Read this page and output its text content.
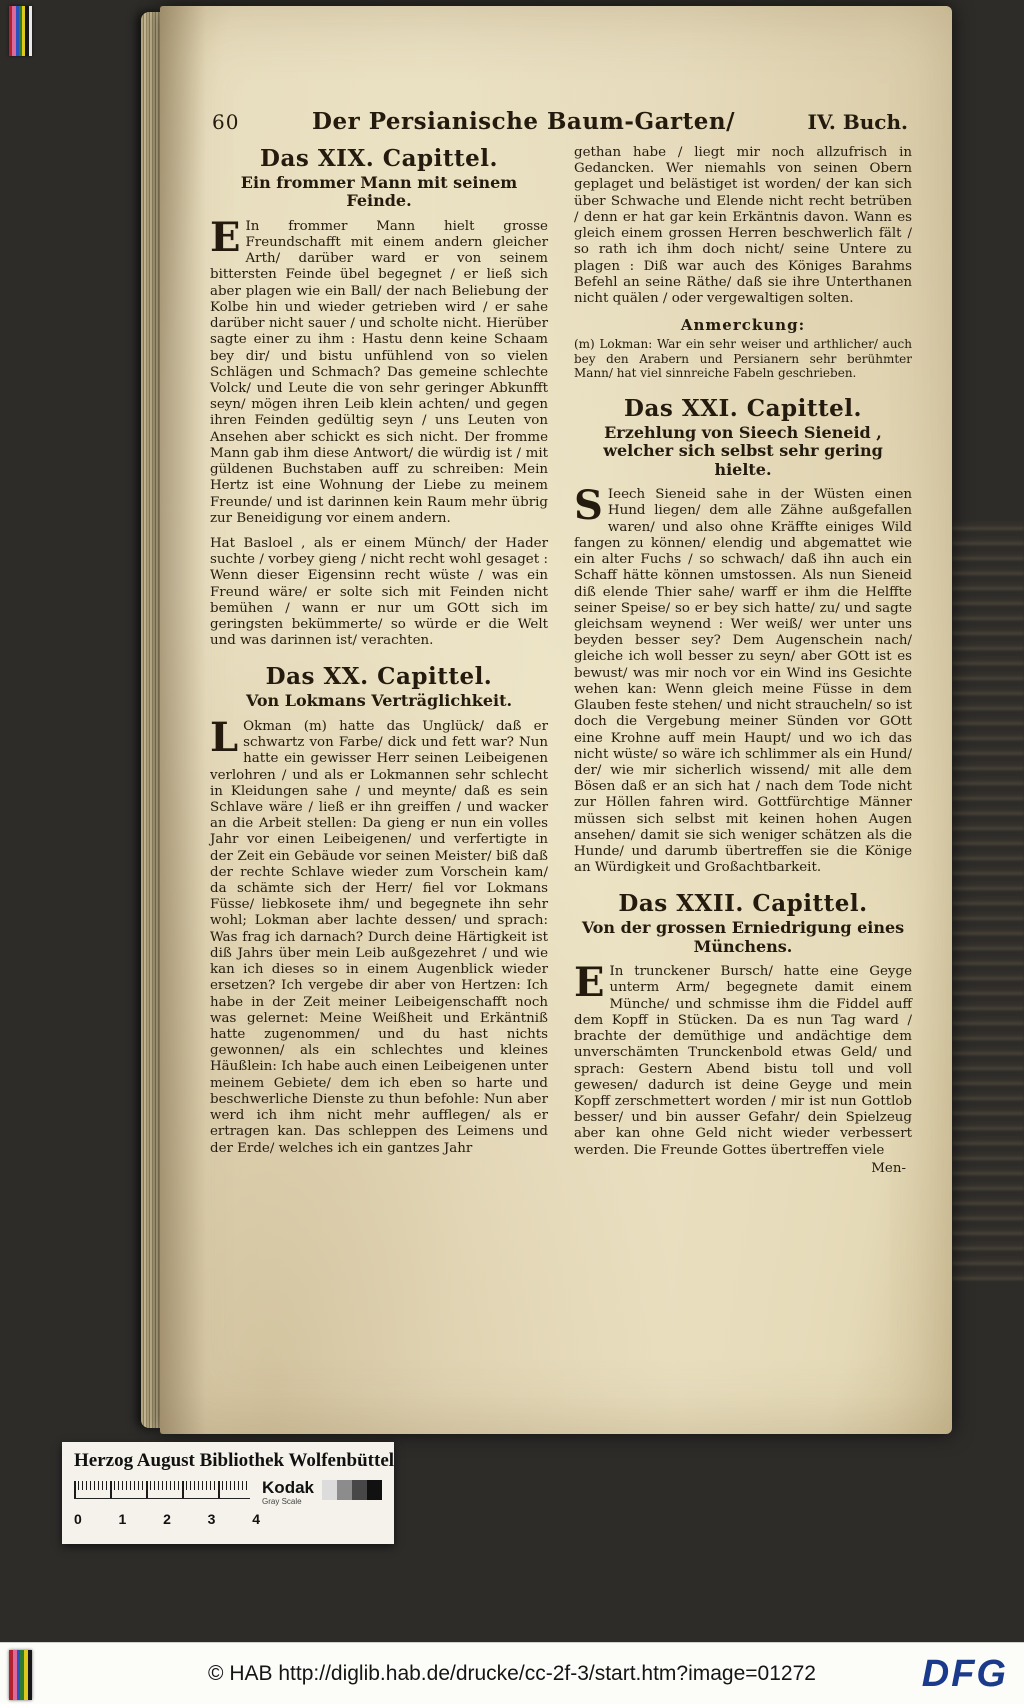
60	Der Persianische Baum-Garten/	IV. Buch.
Das XIX. Capittel.
Ein frommer Mann mit seinem Feinde.

E In frommer Mann hielt grosse Freundschafft mit einem andern gleicher Arth/ darüber ward er von seinem bittersten Feinde übel begegnet / er ließ sich aber plagen wie ein Ball/ der nach Beliebung der Kolbe hin und wieder getrieben wird / er sahe darüber nicht sauer / und scholte nicht. Hierüber sagte einer zu ihm : Hastu denn keine Schaam bey dir/ und bistu unfühlend von so vielen Schlägen und Schmach? Das gemeine schlechte Volck/ und Leute die von sehr geringer Abkunfft seyn/ mögen ihren Leib klein achten/ und gegen ihren Feinden gedültig seyn / uns Leuten von Ansehen aber schickt es sich nicht. Der fromme Mann gab ihm diese Antwort/ die würdig ist / mit güldenen Buchstaben auff zu schreiben: Mein Hertz ist eine Wohnung der Liebe zu meinem Freunde/ und ist darinnen kein Raum mehr übrig zur Beneidigung vor einem andern.

Hat Basloel , als er einem Münch/ der Hader suchte / vorbey gieng / nicht recht wohl gesaget : Wenn dieser Eigensinn recht wüste / was ein Freund wäre/ er solte sich mit Feinden nicht bemühen / wann er nur um GOtt sich im geringsten bekümmerte/ so würde er die Welt und was darinnen ist/ verachten.

Das XX. Capittel.
Von Lokmans Verträglichkeit.

L Okman (m) hatte das Unglück/ daß er schwartz von Farbe/ dick und fett war? Nun hatte ein gewisser Herr seinen Leibeigenen verlohren / und als er Lokmannen sehr schlecht in Kleidungen sahe / und meynte/ daß es sein Schlave wäre / ließ er ihn greiffen / und wacker an die Arbeit stellen: Da gieng er nun ein volles Jahr vor einen Leibeigenen/ und verfertigte in der Zeit ein Gebäude vor seinen Meister/ biß daß der rechte Schlave wieder zum Vorschein kam/ da schämte sich der Herr/ fiel vor Lokmans Füsse/ liebkosete ihm/ und begegnete ihn sehr wohl; Lokman aber lachte dessen/ und sprach: Was frag ich darnach? Durch deine Härtigkeit ist diß Jahrs über mein Leib außgezehret / und wie kan ich dieses so in einem Augenblick wieder ersetzen? Ich vergebe dir aber von Hertzen: Ich habe in der Zeit meiner Leibeigenschafft noch was gelernet: Meine Weißheit und Erkäntniß hatte zugenommen/ und du hast nichts gewonnen/ als ein schlechtes und kleines Häußlein: Ich habe auch einen Leibeigenen unter meinem Gebiete/ dem ich eben so harte und beschwerliche Dienste zu thun befohle: Nun aber werd ich ihm nicht mehr aufflegen/ als er ertragen kan. Das schleppen des Leimens und der Erde/ welches ich ein gantzes Jahr

gethan habe / liegt mir noch allzufrisch in Gedancken. Wer niemahls von seinen Obern geplaget und belästiget ist worden/ der kan sich über Schwache und Elende nicht recht betrüben / denn er hat gar kein Erkäntnis davon. Wann es gleich einem grossen Herren beschwerlich fält / so rath ich ihm doch nicht/ seine Untere zu plagen : Diß war auch des Königes Barahms Befehl an seine Räthe/ daß sie ihre Unterthanen nicht quälen / oder vergewaltigen solten.

Anmerckung:

(m) Lokman: War ein sehr weiser und arthlicher/ auch bey den Arabern und Persianern sehr berühmter Mann/ hat viel sinnreiche Fabeln geschrieben.

Das XXI. Capittel.
Erzehlung von Sieech Sieneid , welcher sich selbst sehr gering hielte.

S Ieech Sieneid sahe in der Wüsten einen Hund liegen/ dem alle Zähne außgefallen waren/ und also ohne Kräffte einiges Wild fangen zu können/ elendig und abgemattet wie ein alter Fuchs / so schwach/ daß ihn auch ein Schaff hätte können umstossen. Als nun Sieneid diß elende Thier sahe/ warff er ihm die Helffte seiner Speise/ so er bey sich hatte/ zu/ und sagte gleichsam weynend : Wer weiß/ wer unter uns beyden besser sey? Dem Augenschein nach/ gleiche ich woll besser zu seyn/ aber GOtt ist es bewust/ was mir noch vor ein Wind ins Gesichte wehen kan: Wenn gleich meine Füsse in dem Glauben feste stehen/ und nicht straucheln/ so ist doch die Vergebung meiner Sünden vor GOtt eine Krohne auff mein Haupt/ und wo ich das nicht wüste/ so wäre ich schlimmer als ein Hund/ der/ wie mir sicherlich wissend/ mit alle dem Bösen daß er an sich hat / nach dem Tode nicht zur Höllen fahren wird. Gottfürchtige Männer müssen sich selbst mit keinen hohen Augen ansehen/ damit sie sich weniger schätzen als die Hunde/ und darumb übertreffen sie die Könige an Würdigkeit und Großachtbarkeit.

Das XXII. Capittel.
Von der grossen Erniedrigung eines Münchens.

E In trunckener Bursch/ hatte eine Geyge unterm Arm/ begegnete damit einem Münche/ und schmisse ihm die Fiddel auff dem Kopff in Stücken. Da es nun Tag ward / brachte der demüthige und andächtige dem unverschämten Trunckenbold etwas Geld/ und sprach: Gestern Abend bistu toll und voll gewesen/ dadurch ist deine Geyge und mein Kopff zerschmettert worden / mir ist nun Gottlob besser/ und bin ausser Gefahr/ dein Spielzeug aber kan ohne Geld nicht wieder verbessert werden. Die Freunde Gottes übertreffen viele

Men-
Herzog August Bibliothek Wolfenbüttel
Kodak
Gray Scale
0	1	2	3	4
© HAB http://diglib.hab.de/drucke/cc-2f-3/start.htm?image=01272	DFG
